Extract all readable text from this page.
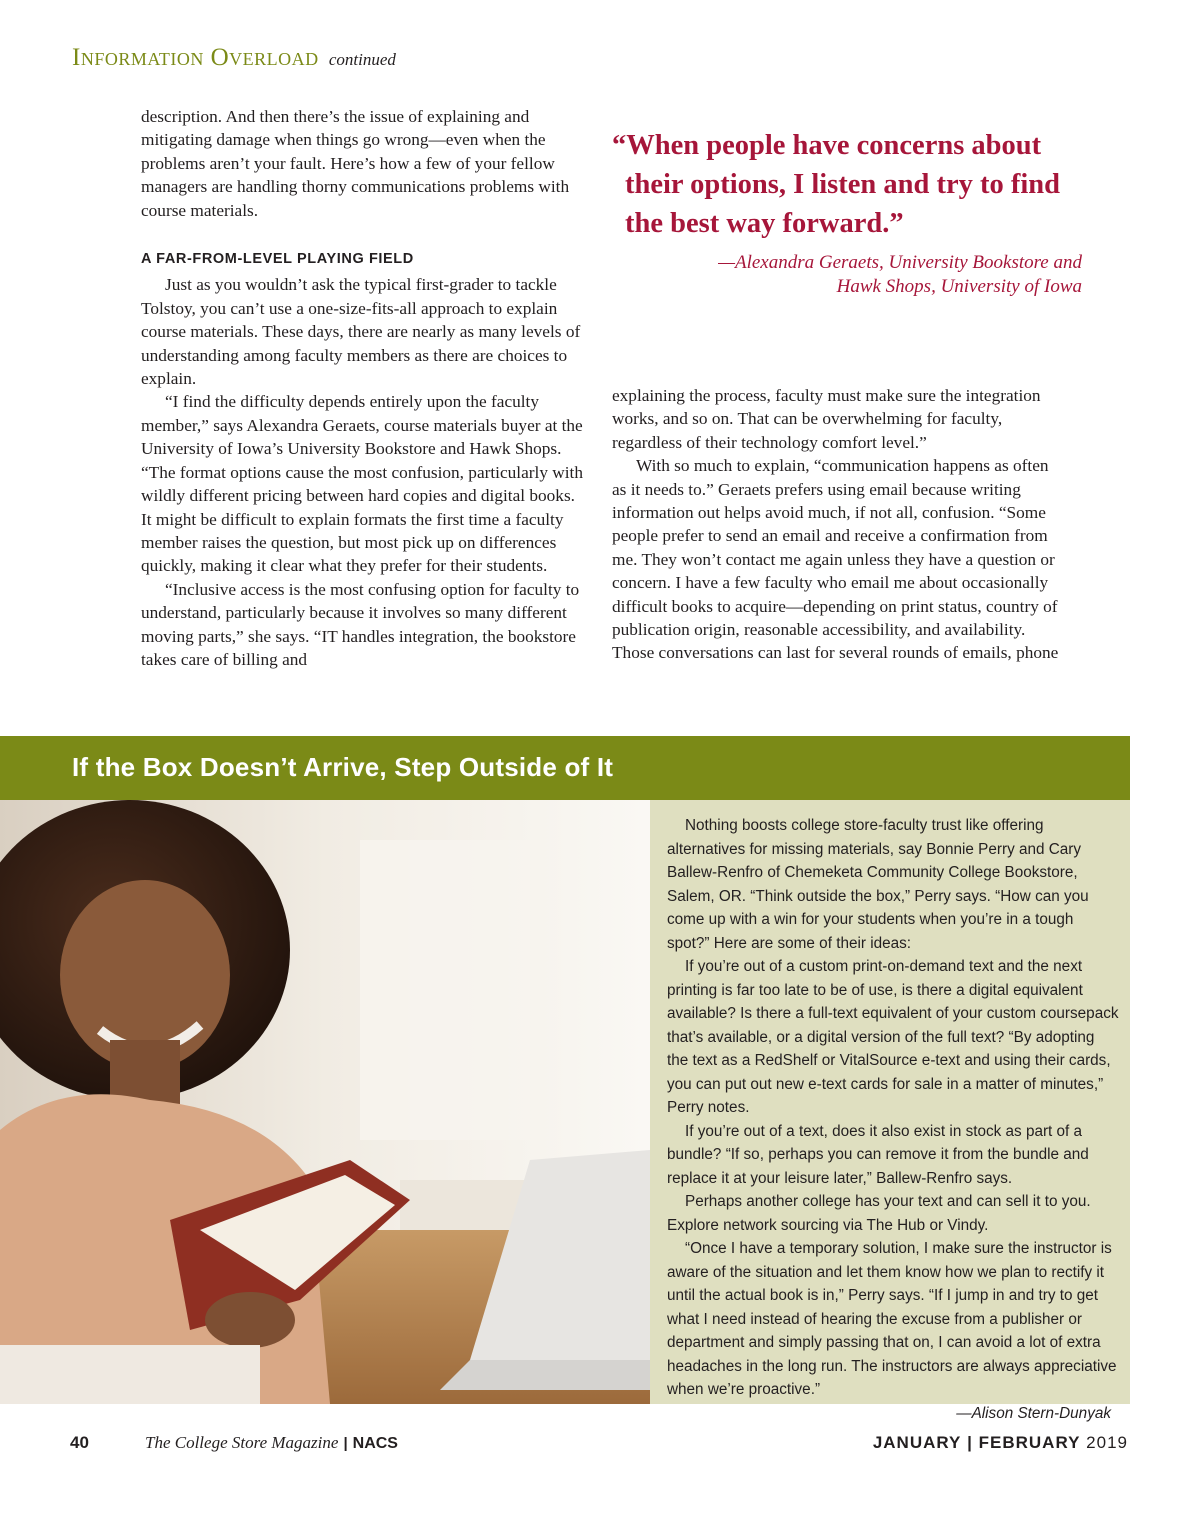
Information Overload continued

description. And then there’s the issue of explaining and mitigating damage when things go wrong—even when the problems aren’t your fault. Here’s how a few of your fellow managers are handling thorny communications problems with course materials.

A FAR-FROM-LEVEL PLAYING FIELD

Just as you wouldn’t ask the typical first-grader to tackle Tolstoy, you can’t use a one-size-fits-all approach to explain course materials. These days, there are nearly as many levels of understanding among faculty members as there are choices to explain.

“I find the difficulty depends entirely upon the faculty member,” says Alexandra Geraets, course materials buyer at the University of Iowa’s University Bookstore and Hawk Shops. “The format options cause the most confusion, particularly with wildly different pricing between hard copies and digital books. It might be difficult to explain formats the first time a faculty member raises the question, but most pick up on differences quickly, making it clear what they prefer for their students.

“Inclusive access is the most confusing option for faculty to understand, particularly because it involves so many different moving parts,” she says. “IT handles integration, the bookstore takes care of billing and

“When people have concerns about their options, I listen and try to find the best way forward.”
—Alexandra Geraets, University Bookstore and
Hawk Shops, University of Iowa

explaining the process, faculty must make sure the integration works, and so on. That can be overwhelming for faculty, regardless of their technology comfort level.”

With so much to explain, “communication happens as often as it needs to.” Geraets prefers using email because writing information out helps avoid much, if not all, confusion. “Some people prefer to send an email and receive a confirmation from me. They won’t contact me again unless they have a question or concern. I have a few faculty who email me about occasionally difficult books to acquire—depending on print status, country of publication origin, reasonable accessibility, and availability. Those conversations can last for several rounds of emails, phone

If the Box Doesn’t Arrive, Step Outside of It

Nothing boosts college store-faculty trust like offering alternatives for missing materials, say Bonnie Perry and Cary Ballew-Renfro of Chemeketa Community College Bookstore, Salem, OR. “Think outside the box,” Perry says. “How can you come up with a win for your students when you’re in a tough spot?” Here are some of their ideas:

If you’re out of a custom print-on-demand text and the next printing is far too late to be of use, is there a digital equivalent available? Is there a full-text equivalent of your custom coursepack that’s available, or a digital version of the full text? “By adopting the text as a RedShelf or VitalSource e-text and using their cards, you can put out new e-text cards for sale in a matter of minutes,” Perry notes.

If you’re out of a text, does it also exist in stock as part of a bundle? “If so, perhaps you can remove it from the bundle and replace it at your leisure later,” Ballew-Renfro says.

Perhaps another college has your text and can sell it to you. Explore network sourcing via The Hub or Vindy.

“Once I have a temporary solution, I make sure the instructor is aware of the situation and let them know how we plan to rectify it until the actual book is in,” Perry says. “If I jump in and try to get what I need instead of hearing the excuse from a publisher or department and simply passing that on, I can avoid a lot of extra headaches in the long run. The instructors are always appreciative when we’re proactive.”

—Alison Stern-Dunyak

40	The College Store Magazine | NACS	JANUARY | FEBRUARY 2019
